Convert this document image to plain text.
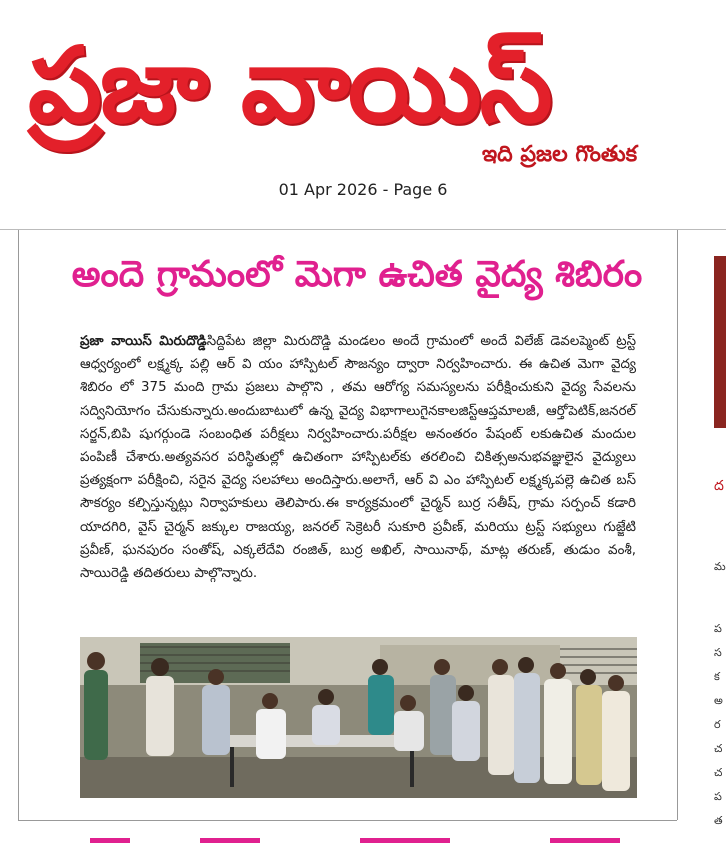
ప్రజా వాయిస్
ఇది ప్రజల గొంతుక
01 Apr 2026 - Page 6
అందె గ్రామంలో మెగా ఉచిత వైద్య శిబిరం
ప్రజా వాయిస్ మిరుదొడ్డిసిద్దిపేట జిల్లా మిరుదొడ్డి మండలం అందే గ్రామంలో అందే విలేజ్ డెవలప్మెంట్ ట్రస్ట్ ఆధ్వర్యంలో లక్ష్మక్క పల్లి ఆర్ వి యం హాస్పిటల్ సౌజన్యం ద్వారా నిర్వహించారు. ఈ ఉచిత మెగా వైద్య శిబిరం లో 375 మంది గ్రామ ప్రజలు పాల్గొని , తమ ఆరోగ్య సమస్యలను పరీక్షించుకుని వైద్య సేవలను సద్వినియోగం చేసుకున్నారు.అందుబాటులో ఉన్న వైద్య విభాగాలుగైనకాలజిస్ట్ఆప్తమాలజీ, ఆర్తోపెటిక్,జనరల్ సర్జన్,బిపి షుగర్గుండె సంబంధిత పరీక్షలు నిర్వహించారు.పరీక్షల అనంతరం పేషంట్ లకుఉచిత మందుల పంపిణీ చేశారు.అత్యవసర పరిస్థితుల్లో ఉచితంగా హాస్పిటల్‌కు తరలించి చికిత్సఅనుభవజ్ఞులైన వైద్యులు ప్రత్యక్షంగా పరీక్షించి, సరైన వైద్య సలహాలు అందిస్తారు.అలాగే, ఆర్ వి ఎం హాస్పిటల్ లక్ష్మక్కపల్లె ఉచిత బస్ సౌకర్యం కల్పిస్తున్నట్లు నిర్వాహకులు తెలిపారు.ఈ కార్యక్రమంలో చైర్మన్ బుర్ర సతీష్, గ్రామ సర్పంచ్ కడారి యాదగిరి, వైస్ చైర్మన్ జక్కుల రాజయ్య, జనరల్ సెక్రెటరీ సుకూరి ప్రవీణ్, మరియు ట్రస్ట్ సభ్యులు గుజ్జేటి ప్రవీణ్, ఘనపురం సంతోష్, ఎక్కలేదేవి రంజిత్, బుర్ర అఖిల్, సాయినాథ్, మాట్ల తరుణ్, తుడుం వంశీ, సాయిరెడ్డి తదితరులు పాల్గొన్నారు.
ద
మ
ప
స
క
అ
ర
చ
చ
ప
త
